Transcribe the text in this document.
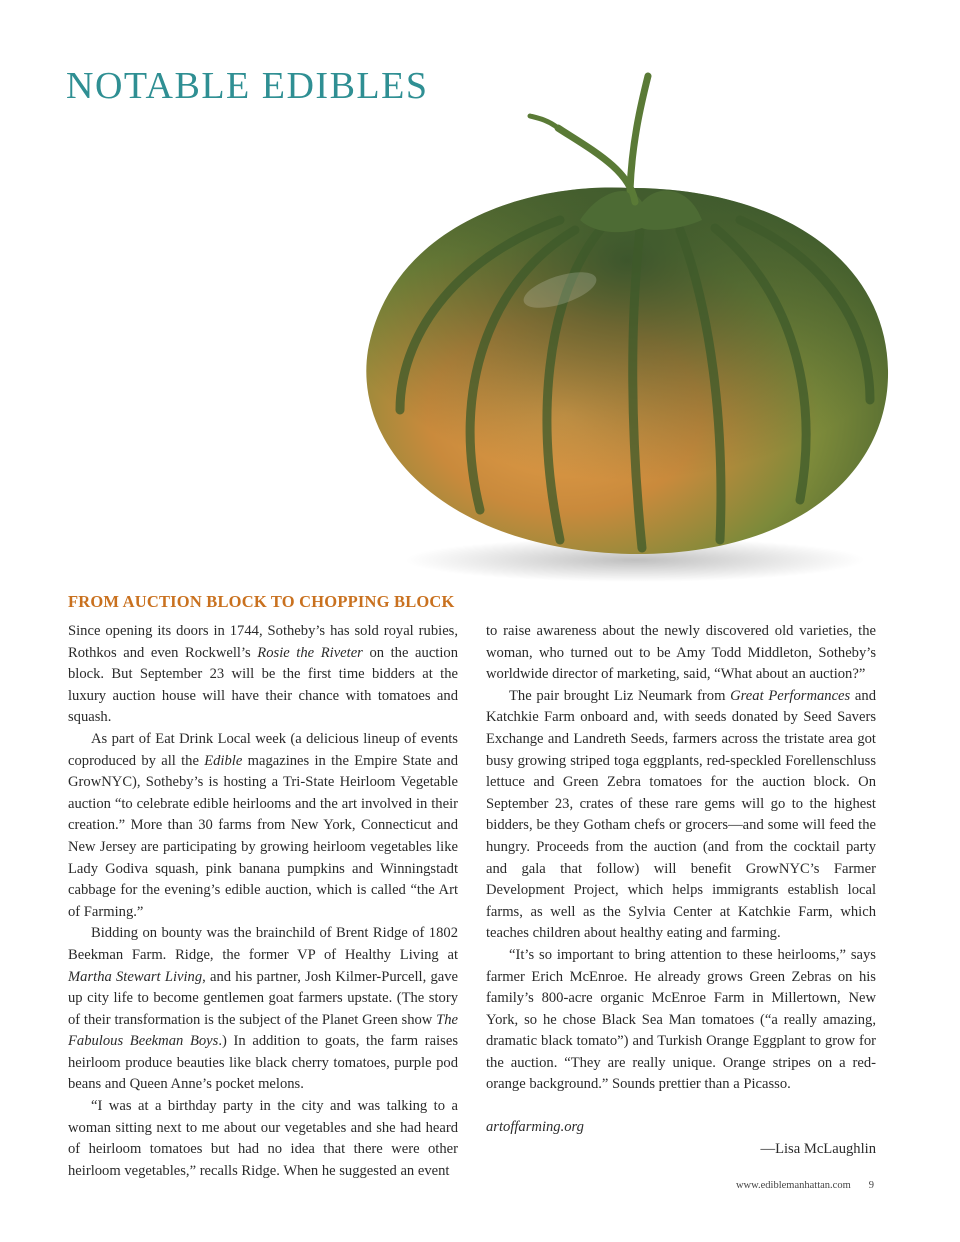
NOTABLE EDIBLES
FROM AUCTION BLOCK TO CHOPPING BLOCK

Since opening its doors in 1744, Sotheby’s has sold royal rubies, Rothkos and even Rockwell’s Rosie the Riveter on the auction block. But September 23 will be the first time bidders at the luxury auction house will have their chance with tomatoes and squash.

As part of Eat Drink Local week (a delicious lineup of events coproduced by all the Edible magazines in the Empire State and GrowNYC), Sotheby’s is hosting a Tri-State Heirloom Vegetable auction “to celebrate edible heirlooms and the art involved in their creation.” More than 30 farms from New York, Connecticut and New Jersey are participating by growing heirloom vegetables like Lady Godiva squash, pink banana pumpkins and Winningstadt cabbage for the evening’s edible auction, which is called “the Art of Farming.”

Bidding on bounty was the brainchild of Brent Ridge of 1802 Beekman Farm. Ridge, the former VP of Healthy Living at Martha Stewart Living, and his partner, Josh Kilmer-Purcell, gave up city life to become gentlemen goat farmers upstate. (The story of their transformation is the subject of the Planet Green show The Fabulous Beekman Boys.) In addition to goats, the farm raises heirloom produce beauties like black cherry tomatoes, purple pod beans and Queen Anne’s pocket melons.

“I was at a birthday party in the city and was talking to a woman sitting next to me about our vegetables and she had heard of heirloom tomatoes but had no idea that there were other heirloom vegetables,” recalls Ridge. When he suggested an event

to raise awareness about the newly discovered old varieties, the woman, who turned out to be Amy Todd Middleton, Sotheby’s worldwide director of marketing, said, “What about an auction?”

The pair brought Liz Neumark from Great Performances and Katchkie Farm onboard and, with seeds donated by Seed Savers Exchange and Landreth Seeds, farmers across the tristate area got busy growing striped toga eggplants, red-speckled Forellenschluss lettuce and Green Zebra tomatoes for the auction block. On September 23, crates of these rare gems will go to the highest bidders, be they Gotham chefs or grocers—and some will feed the hungry. Proceeds from the auction (and from the cocktail party and gala that follow) will benefit GrowNYC’s Farmer Development Project, which helps immigrants establish local farms, as well as the Sylvia Center at Katchkie Farm, which teaches children about healthy eating and farming.

“It’s so important to bring attention to these heirlooms,” says farmer Erich McEnroe. He already grows Green Zebras on his family’s 800-acre organic McEnroe Farm in Millertown, New York, so he chose Black Sea Man tomatoes (“a really amazing, dramatic black tomato”) and Turkish Orange Eggplant to grow for the auction. “They are really unique. Orange stripes on a red-orange background.” Sounds prettier than a Picasso.

artoffarming.org

—Lisa McLaughlin

www.ediblemanhattan.com 9
